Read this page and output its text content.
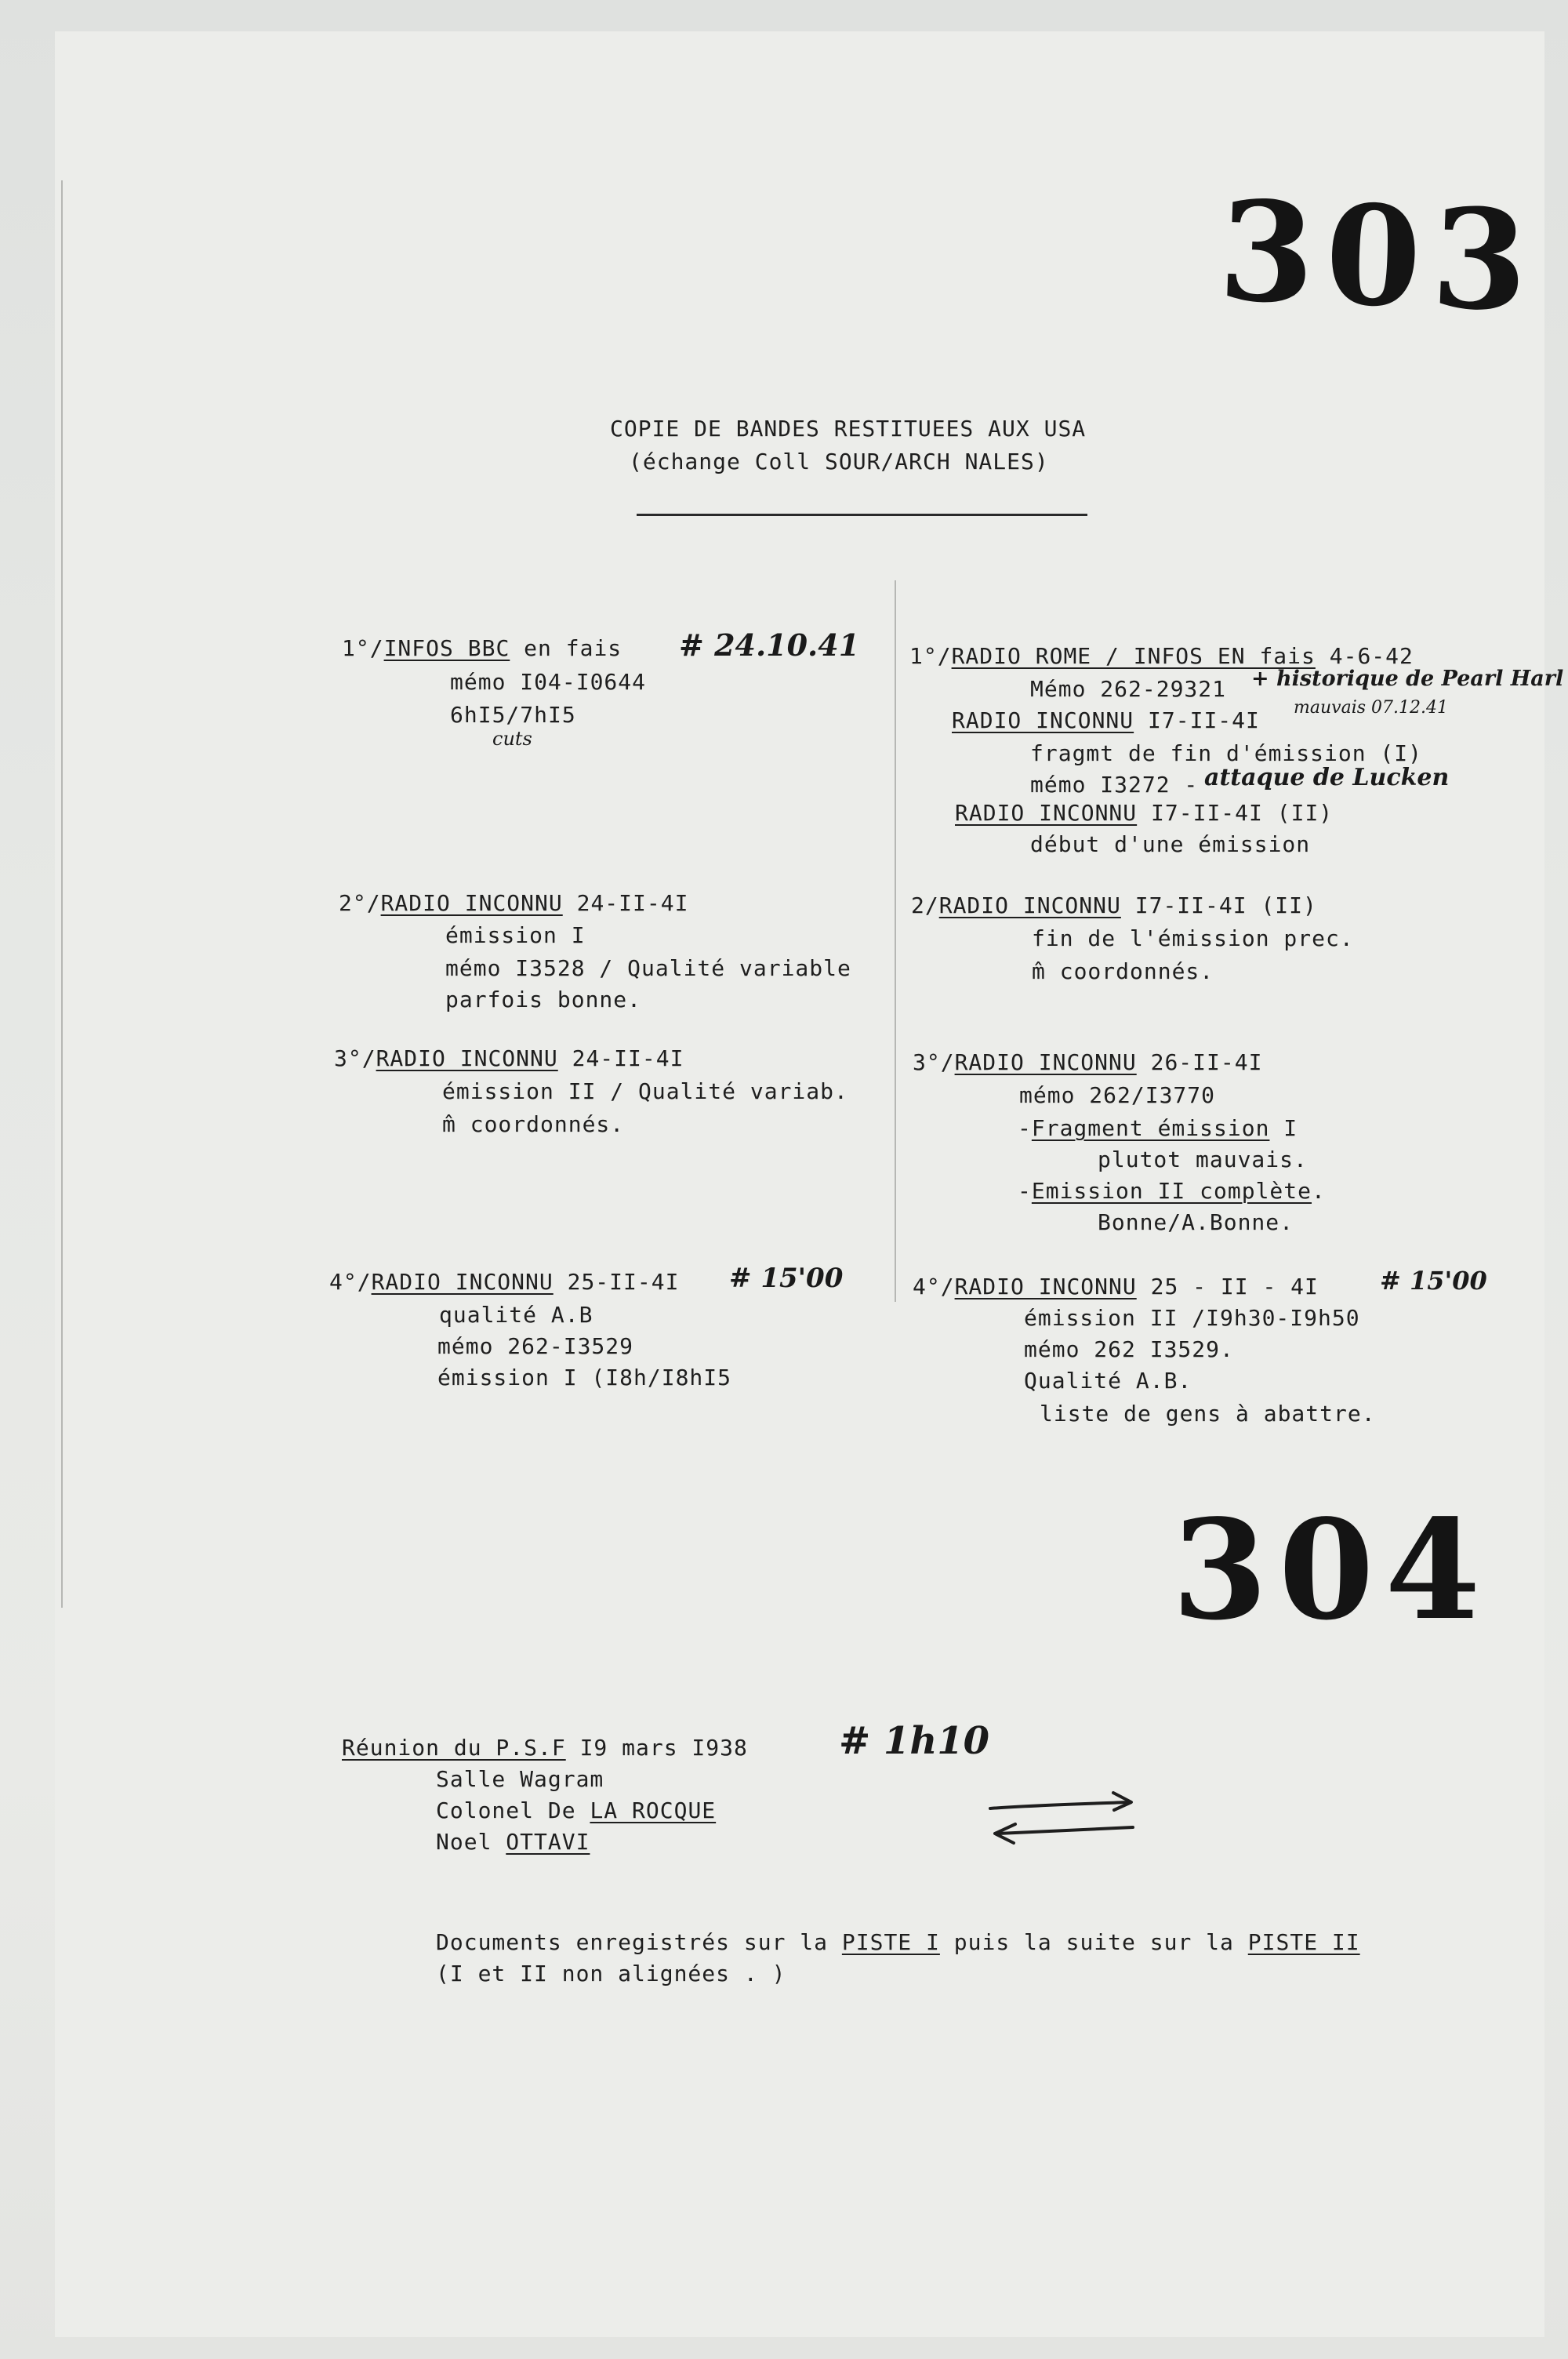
303
304
COPIE DE BANDES RESTITUEES AUX USA
(échange Coll SOUR/ARCH NALES)
1°/INFOS BBC en fais # 24.10.41
mémo I04-I0644
6hI5/7hI5
cuts
2°/RADIO INCONNU 24-II-4I
émission I
mémo I3528 / Qualité variable
parfois bonne.
3°/RADIO INCONNU 24-II-4I
émission II / Qualité variab.
m̂ coordonnés.
4°/RADIO INCONNU 25-II-4I # 15'00
qualité A.B
mémo 262-I3529
émission I (I8h/I8hI5
1°/RADIO ROME / INFOS EN fais 4-6-42
Mémo 262-29321 + historique de Pearl Harl
RADIO INCONNU I7-II-4I mauvais 07.12.41
fragmt de fin d'émission (I)
mémo I3272 - attaque de Lucken
RADIO INCONNU I7-II-4I (II)
début d'une émission
2/RADIO INCONNU I7-II-4I (II)
fin de l'émission prec.
m̂ coordonnés.
3°/RADIO INCONNU 26-II-4I
mémo 262/I3770
-Fragment émission I
plutot mauvais.
-Emission II complète.
Bonne/A.Bonne.
4°/RADIO INCONNU 25 - II - 4I # 15'00
émission II /I9h30-I9h50
mémo 262 I3529.
Qualité A.B.
liste de gens à abattre.
Réunion du P.S.F I9 mars I938 # 1h10
Salle Wagram
Colonel De LA ROCQUE
Noel OTTAVI
Documents enregistrés sur la PISTE I puis la suite sur la PISTE II
(I et II non alignées . )
